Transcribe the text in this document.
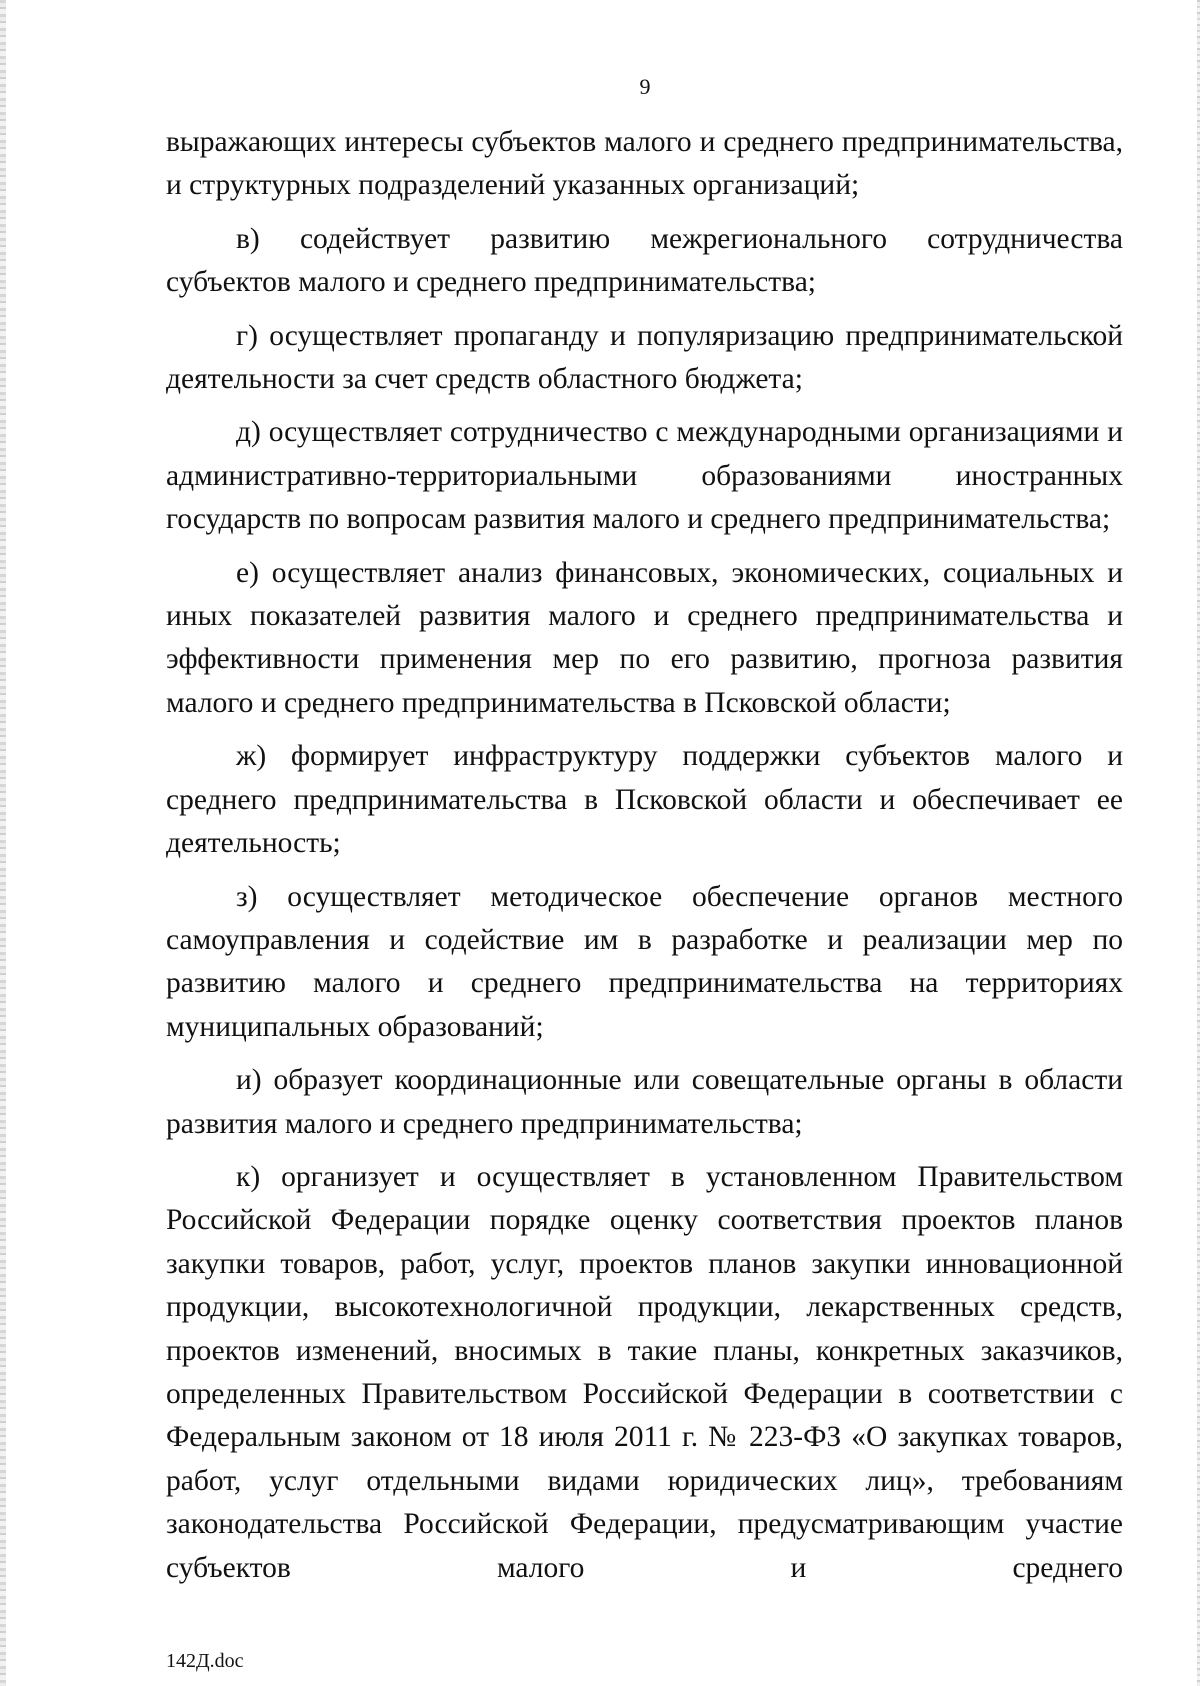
9

выражающих интересы субъектов малого и среднего предпринимательства, и структурных подразделений указанных организаций;

в) содействует развитию межрегионального сотрудничества субъектов малого и среднего предпринимательства;

г) осуществляет пропаганду и популяризацию предпринимательской деятельности за счет средств областного бюджета;

д) осуществляет сотрудничество с международными организациями и административно-территориальными образованиями иностранных государств по вопросам развития малого и среднего предпринимательства;

е) осуществляет анализ финансовых, экономических, социальных и иных показателей развития малого и среднего предпринимательства и эффективности применения мер по его развитию, прогноза развития малого и среднего предпринимательства в Псковской области;

ж) формирует инфраструктуру поддержки субъектов малого и среднего предпринимательства в Псковской области и обеспечивает ее деятельность;

з) осуществляет методическое обеспечение органов местного самоуправления и содействие им в разработке и реализации мер по развитию малого и среднего предпринимательства на территориях муниципальных образований;

и) образует координационные или совещательные органы в области развития малого и среднего предпринимательства;

к) организует и осуществляет в установленном Правительством Российской Федерации порядке оценку соответствия проектов планов закупки товаров, работ, услуг, проектов планов закупки инновационной продукции, высокотехнологичной продукции, лекарственных средств, проектов изменений, вносимых в такие планы, конкретных заказчиков, определенных Правительством Российской Федерации в соответствии с Федеральным законом от 18 июля 2011 г. № 223-ФЗ «О закупках товаров, работ, услуг отдельными видами юридических лиц», требованиям законодательства Российской Федерации, предусматривающим участие субъектов малого и среднего

142Д.doc
